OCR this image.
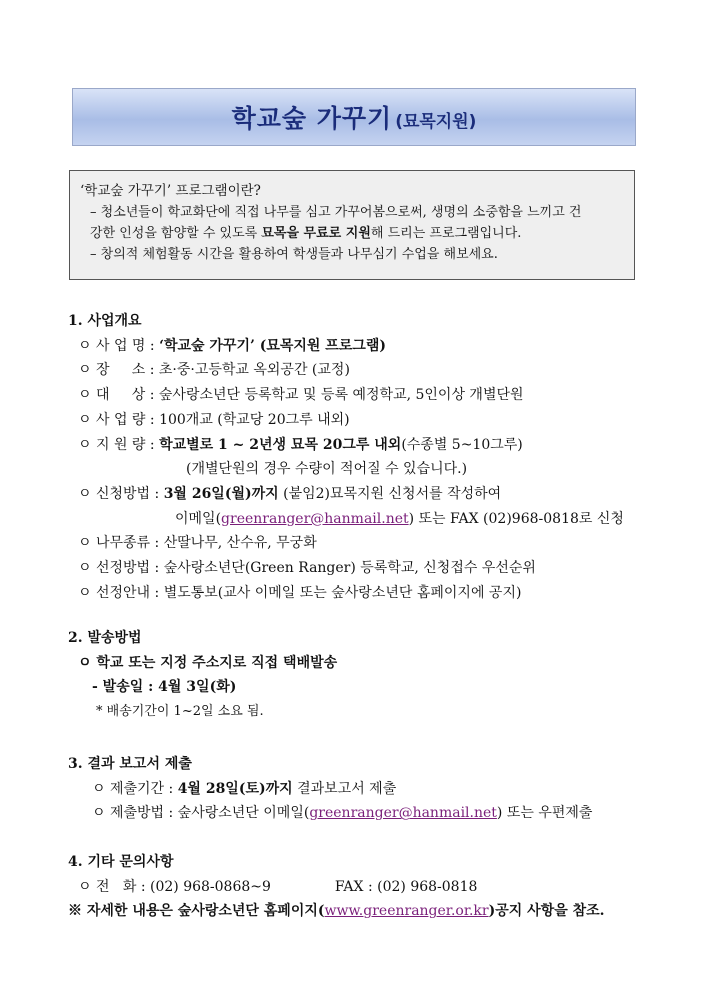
학교숲 가꾸기 (묘목지원)
‘학교숲 가꾸기’ 프로그램이란?
– 청소년들이 학교화단에 직접 나무를 심고 가꾸어봄으로써, 생명의 소중함을 느끼고 건
강한 인성을 함양할 수 있도록 묘목을 무료로 지원해 드리는 프로그램입니다.
– 창의적 체험활동 시간을 활용하여 학생들과 나무심기 수업을 해보세요.
1. 사업개요
ㅇ 사 업 명 : ‘학교숲 가꾸기’ (묘목지원 프로그램)
ㅇ 장     소 : 초·중·고등학교 옥외공간 (교정)
ㅇ 대     상 : 숲사랑소년단 등록학교 및 등록 예정학교, 5인이상 개별단원
ㅇ 사 업 량 : 100개교 (학교당 20그루 내외)
ㅇ 지 원 량 : 학교별로 1 ~ 2년생 묘목 20그루 내외(수종별 5~10그루)
(개별단원의 경우 수량이 적어질 수 있습니다.)
ㅇ 신청방법 : 3월 26일(월)까지 (붙임2)묘목지원 신청서를 작성하여
이메일(greenranger@hanmail.net) 또는 FAX (02)968-0818로 신청
ㅇ 나무종류 : 산딸나무, 산수유, 무궁화
ㅇ 선정방법 : 숲사랑소년단(Green Ranger) 등록학교, 신청접수 우선순위
ㅇ 선정안내 : 별도통보(교사 이메일 또는 숲사랑소년단 홈페이지에 공지)
2. 발송방법
ㅇ 학교 또는 지정 주소지로 직접 택배발송
- 발송일 : 4월 3일(화)
* 배송기간이 1~2일 소요 됨.
3. 결과 보고서 제출
ㅇ 제출기간 : 4월 28일(토)까지 결과보고서 제출
ㅇ 제출방법 : 숲사랑소년단 이메일(greenranger@hanmail.net) 또는 우편제출
4. 기타 문의사항
ㅇ 전   화 : (02) 968-0868~9	FAX : (02) 968-0818
※ 자세한 내용은 숲사랑소년단 홈페이지(www.greenranger.or.kr)공지 사항을 참조.
